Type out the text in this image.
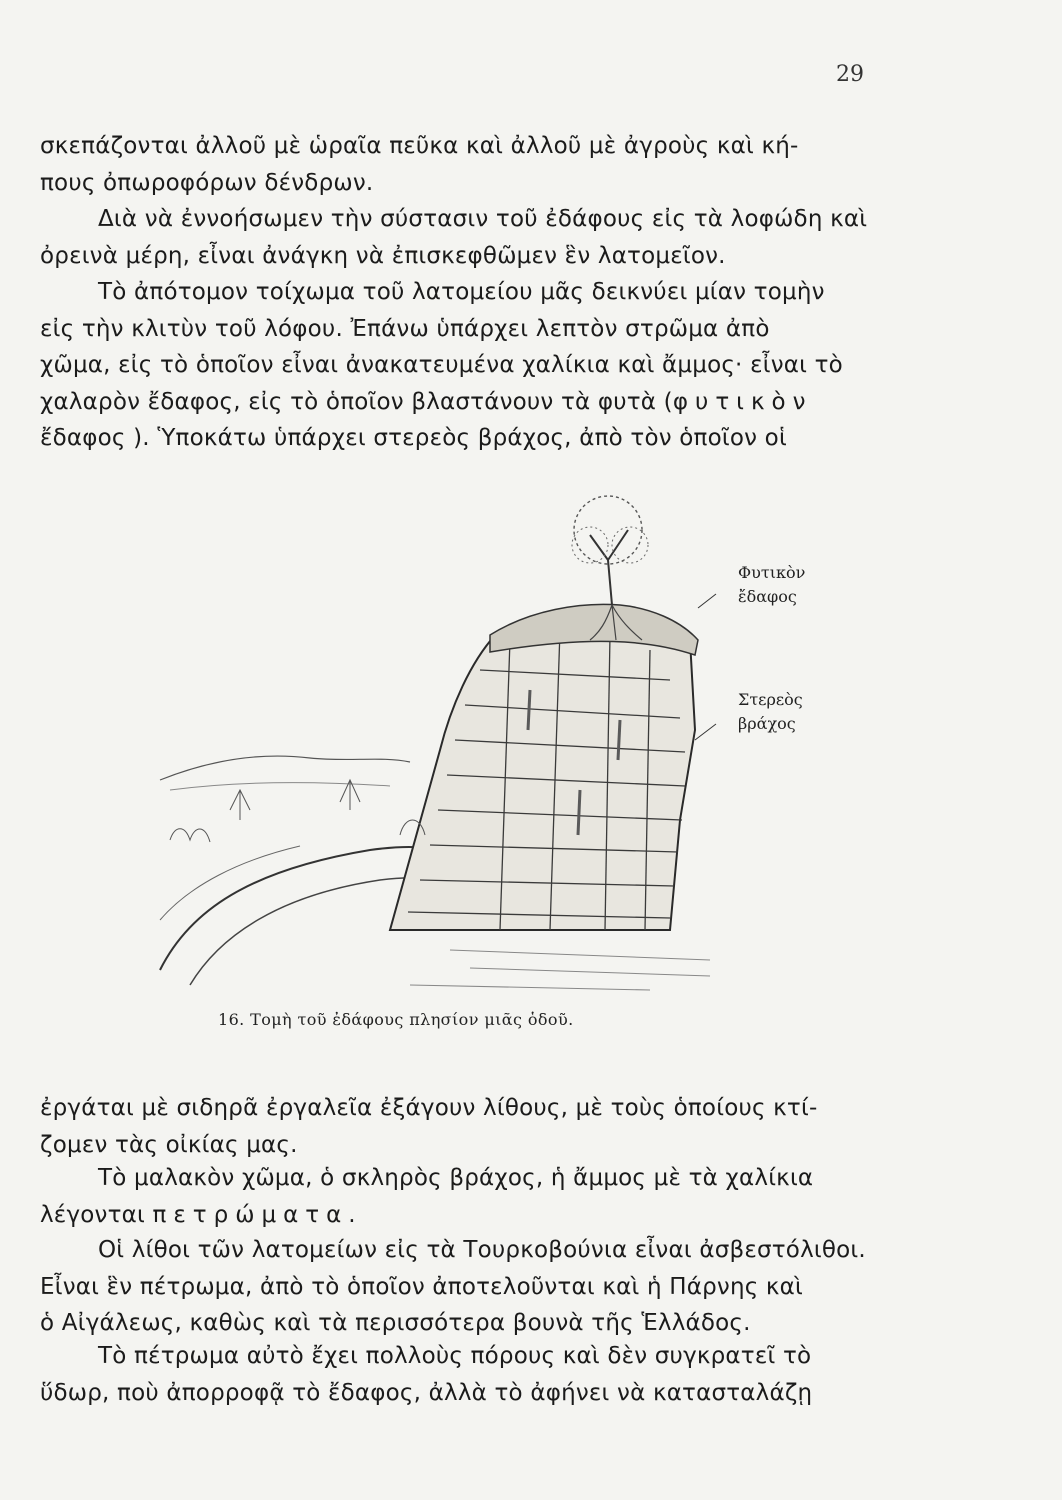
29
σκεπάζονται ἀλλοῦ μὲ ὡραῖα πεῦκα καὶ ἀλλοῦ μὲ ἀγροὺς καὶ κή-
πους ὀπωροφόρων δένδρων.
Διὰ νὰ ἐννοήσωμεν τὴν σύστασιν τοῦ ἐδάφους εἰς τὰ λοφώδη καὶ
ὀρεινὰ μέρη, εἶναι ἀνάγκη νὰ ἐπισκεφθῶμεν ἓν λατομεῖον.
Τὸ ἀπότομον τοίχωμα τοῦ λατομείου μᾶς δεικνύει μίαν τομὴν
εἰς τὴν κλιτὺν τοῦ λόφου. Ἐπάνω ὑπάρχει λεπτὸν στρῶμα ἀπὸ
χῶμα, εἰς τὸ ὁποῖον εἶναι ἀνακατευμένα χαλίκια καὶ ἄμμος· εἶναι τὸ
χαλαρὸν ἔδαφος, εἰς τὸ ὁποῖον βλαστάνουν τὰ φυτὰ (φυτικὸν
ἔδαφος ). Ὑποκάτω ὑπάρχει στερεὸς βράχος, ἀπὸ τὸν ὁποῖον οἱ
Φυτικὸν
ἔδαφος
Στερεὸς
βράχος
16. Τομὴ τοῦ ἐδάφους πλησίον μιᾶς ὁδοῦ.
ἐργάται μὲ σιδηρᾶ ἐργαλεῖα ἐξάγουν λίθους, μὲ τοὺς ὁποίους κτί-
ζομεν τὰς οἰκίας μας.
Τὸ μαλακὸν χῶμα, ὁ σκληρὸς βράχος, ἡ ἄμμος μὲ τὰ χαλίκια
λέγονται πετρώματα.
Οἱ λίθοι τῶν λατομείων εἰς τὰ Τουρκοβούνια εἶναι ἀσβεστόλιθοι.
Εἶναι ἓν πέτρωμα, ἀπὸ τὸ ὁποῖον ἀποτελοῦνται καὶ ἡ Πάρνης καὶ
ὁ Αἰγάλεως, καθὼς καὶ τὰ περισσότερα βουνὰ τῆς Ἑλλάδος.
Τὸ πέτρωμα αὐτὸ ἔχει πολλοὺς πόρους καὶ δὲν συγκρατεῖ τὸ
ὕδωρ, ποὺ ἀπορροφᾷ τὸ ἔδαφος, ἀλλὰ τὸ ἀφήνει νὰ κατασταλάζῃ
